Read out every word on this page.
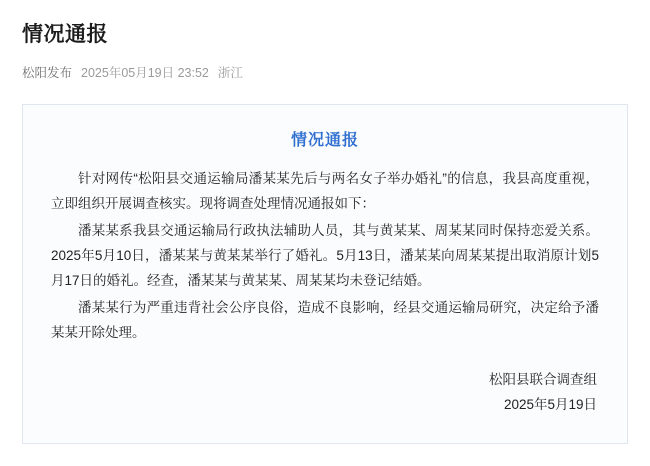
情况通报
松阳发布 2025年05月19日 23:52 浙江
情况通报

针对网传“松阳县交通运输局潘某某先后与两名女子举办婚礼”的信息，我县高度重视，立即组织开展调查核实。现将调查处理情况通报如下：

潘某某系我县交通运输局行政执法辅助人员，其与黄某某、周某某同时保持恋爱关系。2025年5月10日，潘某某与黄某某举行了婚礼。5月13日，潘某某向周某某提出取消原计划5月17日的婚礼。经查，潘某某与黄某某、周某某均未登记结婚。

潘某某行为严重违背社会公序良俗，造成不良影响，经县交通运输局研究，决定给予潘某某开除处理。

松阳县联合调查组
2025年5月19日
